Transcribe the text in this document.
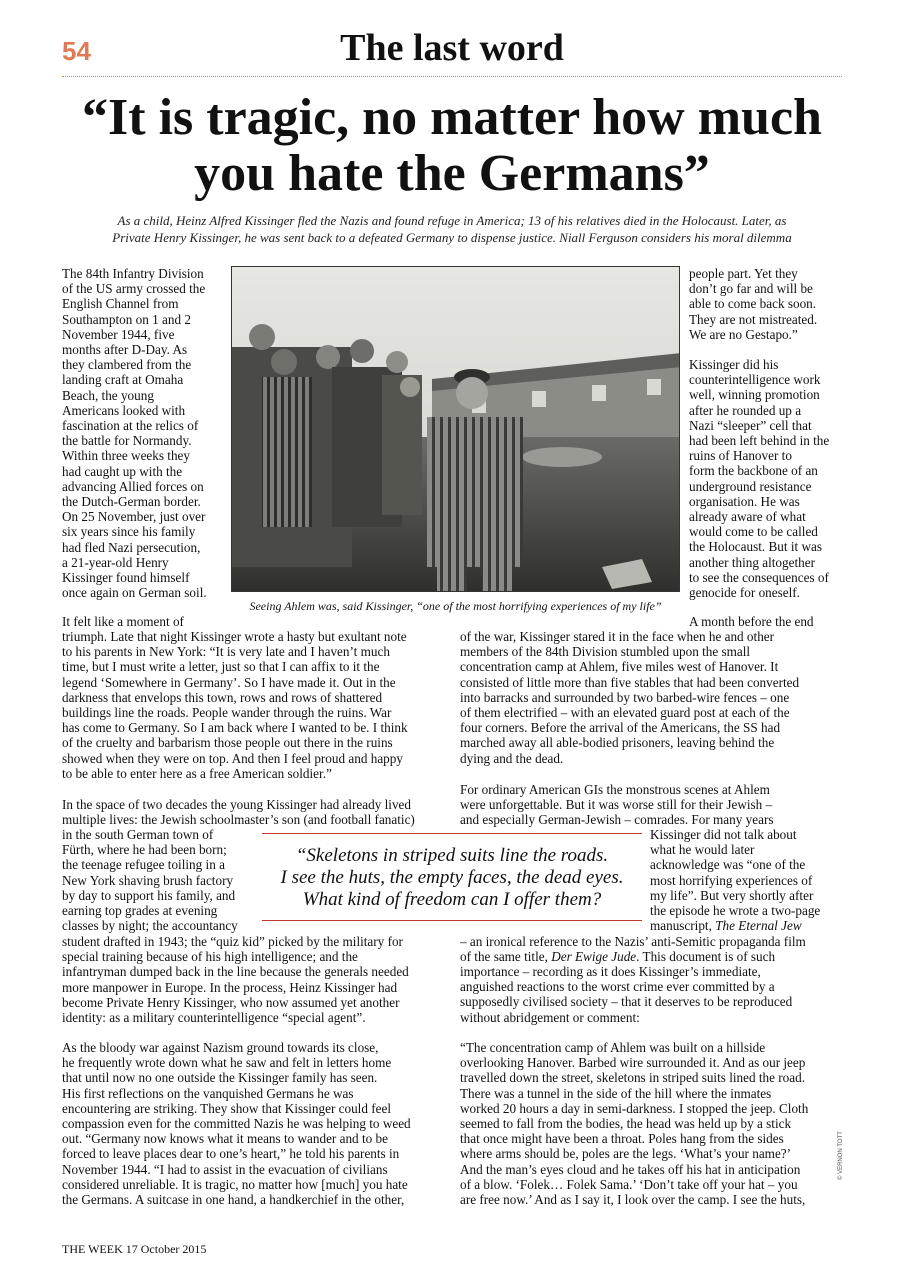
54	The last word
“It is tragic, no matter how much
you hate the Germans”
As a child, Heinz Alfred Kissinger fled the Nazis and found refuge in America; 13 of his relatives died in the Holocaust. Later, as
Private Henry Kissinger, he was sent back to a defeated Germany to dispense justice. Niall Ferguson considers his moral dilemma

The 84th Infantry Division

of the US army crossed the

English Channel from

Southampton on 1 and 2

November 1944, five

months after D-Day. As

they clambered from the

landing craft at Omaha

Beach, the young

Americans looked with

fascination at the relics of

the battle for Normandy.

Within three weeks they

had caught up with the

advancing Allied forces on

the Dutch-German border.

On 25 November, just over

six years since his family

had fled Nazi persecution,

a 21-year-old Henry

Kissinger found himself

once again on German soil.

Seeing Ahlem was, said Kissinger, “one of the most horrifying experiences of my life”

people part. Yet they

don’t go far and will be

able to come back soon.

They are not mistreated.

We are no Gestapo.”

Kissinger did his

counterintelligence work

well, winning promotion

after he rounded up a

Nazi “sleeper” cell that

had been left behind in the

ruins of Hanover to

form the backbone of an

underground resistance

organisation. He was

already aware of what

would come to be called

the Holocaust. But it was

another thing altogether

to see the consequences of

genocide for oneself.

It felt like a moment of	A month before the end

triumph. Late that night Kissinger wrote a hasty but exultant note

to his parents in New York: “It is very late and I haven’t much

time, but I must write a letter, just so that I can affix to it the

legend ‘Somewhere in Germany’. So I have made it. Out in the

darkness that envelops this town, rows and rows of shattered

buildings line the roads. People wander through the ruins. War

has come to Germany. So I am back where I wanted to be. I think

of the cruelty and barbarism those people out there in the ruins

showed when they were on top. And then I feel proud and happy

to be able to enter here as a free American soldier.”

In the space of two decades the young Kissinger had already lived

multiple lives: the Jewish schoolmaster’s son (and football fanatic)

in the south German town of

Fürth, where he had been born;

the teenage refugee toiling in a

New York shaving brush factory

by day to support his family, and

earning top grades at evening

classes by night; the accountancy

student drafted in 1943; the “quiz kid” picked by the military for

special training because of his high intelligence; and the

infantryman dumped back in the line because the generals needed

more manpower in Europe. In the process, Heinz Kissinger had

become Private Henry Kissinger, who now assumed yet another

identity: as a military counterintelligence “special agent”.

As the bloody war against Nazism ground towards its close,

he frequently wrote down what he saw and felt in letters home

that until now no one outside the Kissinger family has seen.

His first reflections on the vanquished Germans he was

encountering are striking. They show that Kissinger could feel

compassion even for the committed Nazis he was helping to weed

out. “Germany now knows what it means to wander and to be

forced to leave places dear to one’s heart,” he told his parents in

November 1944. “I had to assist in the evacuation of civilians

considered unreliable. It is tragic, no matter how [much] you hate

the Germans. A suitcase in one hand, a handkerchief in the other,

of the war, Kissinger stared it in the face when he and other

members of the 84th Division stumbled upon the small

concentration camp at Ahlem, five miles west of Hanover. It

consisted of little more than five stables that had been converted

into barracks and surrounded by two barbed-wire fences – one

of them electrified – with an elevated guard post at each of the

four corners. Before the arrival of the Americans, the SS had

marched away all able-bodied prisoners, leaving behind the

dying and the dead.

For ordinary American GIs the monstrous scenes at Ahlem

were unforgettable. But it was worse still for their Jewish –

and especially German-Jewish – comrades. For many years

Kissinger did not talk about

what he would later

acknowledge was “one of the

most horrifying experiences of

my life”. But very shortly after

the episode he wrote a two-page

manuscript, The Eternal Jew
– an ironical reference to the Nazis’ anti-Semitic propaganda film
of the same title, Der Ewige Jude. This document is of such

importance – recording as it does Kissinger’s immediate,

anguished reactions to the worst crime ever committed by a

supposedly civilised society – that it deserves to be reproduced

without abridgement or comment:

“The concentration camp of Ahlem was built on a hillside

overlooking Hanover. Barbed wire surrounded it. And as our jeep

travelled down the street, skeletons in striped suits lined the road.

There was a tunnel in the side of the hill where the inmates

worked 20 hours a day in semi-darkness. I stopped the jeep. Cloth

seemed to fall from the bodies, the head was held up by a stick

that once might have been a throat. Poles hang from the sides

where arms should be, poles are the legs. ‘What’s your name?’

And the man’s eyes cloud and he takes off his hat in anticipation

of a blow. ‘Folek… Folek Sama.’ ‘Don’t take off your hat – you

are free now.’ And as I say it, I look over the camp. I see the huts,

“Skeletons in striped suits line the roads.
I see the huts, the empty faces, the dead eyes.
What kind of freedom can I offer them?
© VERNON TOTT
THE WEEK 17 October 2015
